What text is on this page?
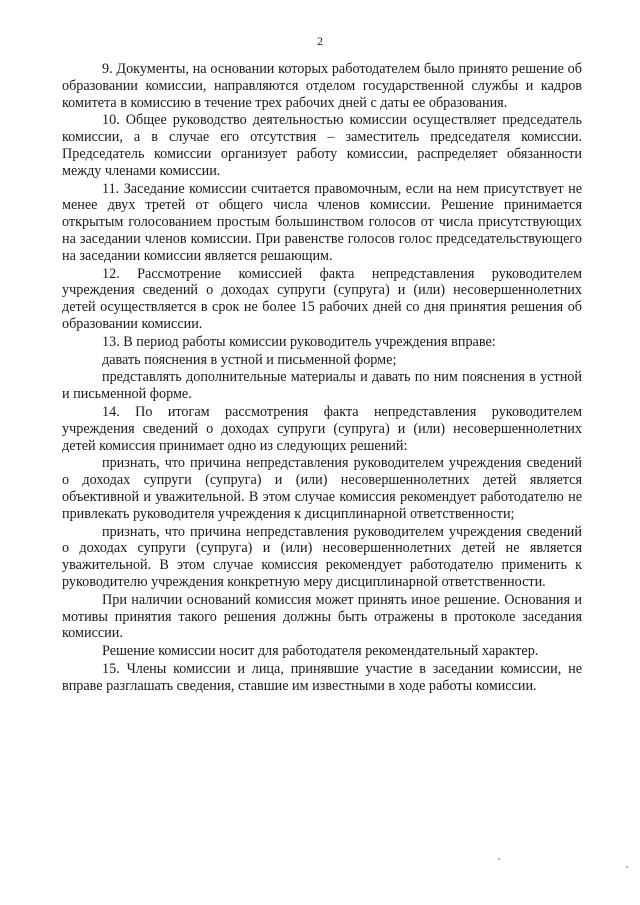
2

9. Документы, на основании которых работодателем было принято решение об образовании комиссии, направляются отделом государственной службы и кадров комитета в комиссию в течение трех рабочих дней с даты ее образования.

10. Общее руководство деятельностью комиссии осуществляет председатель комиссии, а в случае его отсутствия – заместитель председателя комиссии. Председатель комиссии организует работу комиссии, распределяет обязанности между членами комиссии.

11. Заседание комиссии считается правомочным, если на нем присутствует не менее двух третей от общего числа членов комиссии. Решение принимается открытым голосованием простым большинством голосов от числа присутствующих на заседании членов комиссии. При равенстве голосов голос председательствующего на заседании комиссии является решающим.

12. Рассмотрение комиссией факта непредставления руководителем учреждения сведений о доходах супруги (супруга) и (или) несовершеннолетних детей осуществляется в срок не более 15 рабочих дней со дня принятия решения об образовании комиссии.

13. В период работы комиссии руководитель учреждения вправе:

давать пояснения в устной и письменной форме;

представлять дополнительные материалы и давать по ним пояснения в устной и письменной форме.

14. По итогам рассмотрения факта непредставления руководителем учреждения сведений о доходах супруги (супруга) и (или) несовершеннолетних детей комиссия принимает одно из следующих решений:

признать, что причина непредставления руководителем учреждения сведений о доходах супруги (супруга) и (или) несовершеннолетних детей является объективной и уважительной. В этом случае комиссия рекомендует работодателю не привлекать руководителя учреждения к дисциплинарной ответственности;

признать, что причина непредставления руководителем учреждения сведений о доходах супруги (супруга) и (или) несовершеннолетних детей не является уважительной. В этом случае комиссия рекомендует работодателю применить к руководителю учреждения конкретную меру дисциплинарной ответственности.

При наличии оснований комиссия может принять иное решение. Основания и мотивы принятия такого решения должны быть отражены в протоколе заседания комиссии.

Решение комиссии носит для работодателя рекомендательный характер.

15. Члены комиссии и лица, принявшие участие в заседании комиссии, не вправе разглашать сведения, ставшие им известными в ходе работы комиссии.
